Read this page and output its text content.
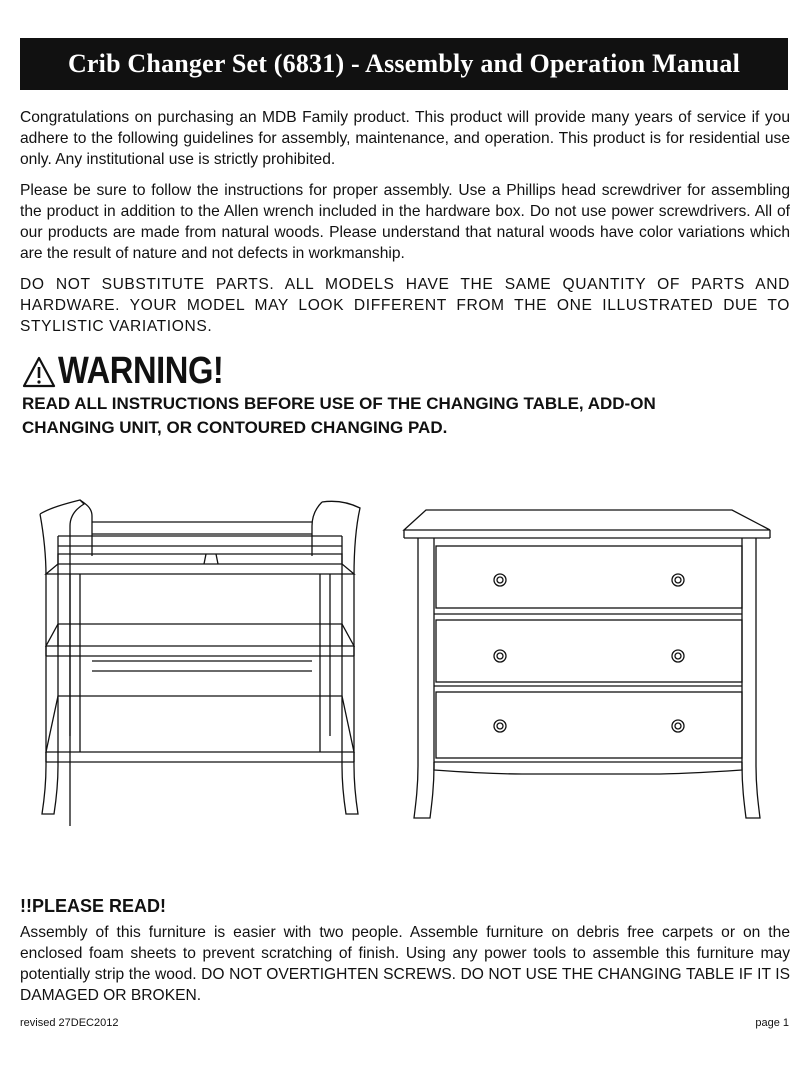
Crib Changer Set (6831) - Assembly and Operation Manual

Congratulations on purchasing an MDB Family product. This product will provide many years of service if you adhere to the following guidelines for assembly, maintenance, and operation. This product is for residential use only. Any institutional use is strictly prohibited.

Please be sure to follow the instructions for proper assembly. Use a Phillips head screwdriver for assembling the product in addition to the Allen wrench included in the hardware box. Do not use power screwdrivers. All of our products are made from natural woods. Please understand that natural woods have color variations which are the result of nature and not defects in workmanship.

DO NOT SUBSTITUTE PARTS. ALL MODELS HAVE THE SAME QUANTITY OF PARTS AND HARDWARE. YOUR MODEL MAY LOOK DIFFERENT FROM THE ONE ILLUSTRATED DUE TO STYLISTIC VARIATIONS.

WARNING!

READ ALL INSTRUCTIONS BEFORE USE OF THE CHANGING TABLE, ADD-ON CHANGING UNIT, OR CONTOURED CHANGING PAD.

!!PLEASE READ!

Assembly of this furniture is easier with two people. Assemble furniture on debris free carpets or on the enclosed foam sheets to prevent scratching of finish. Using any power tools to assemble this furniture may potentially strip the wood. DO NOT OVERTIGHTEN SCREWS. DO NOT USE THE CHANGING TABLE IF IT IS DAMAGED OR BROKEN.

revised 27DEC2012	page 1
